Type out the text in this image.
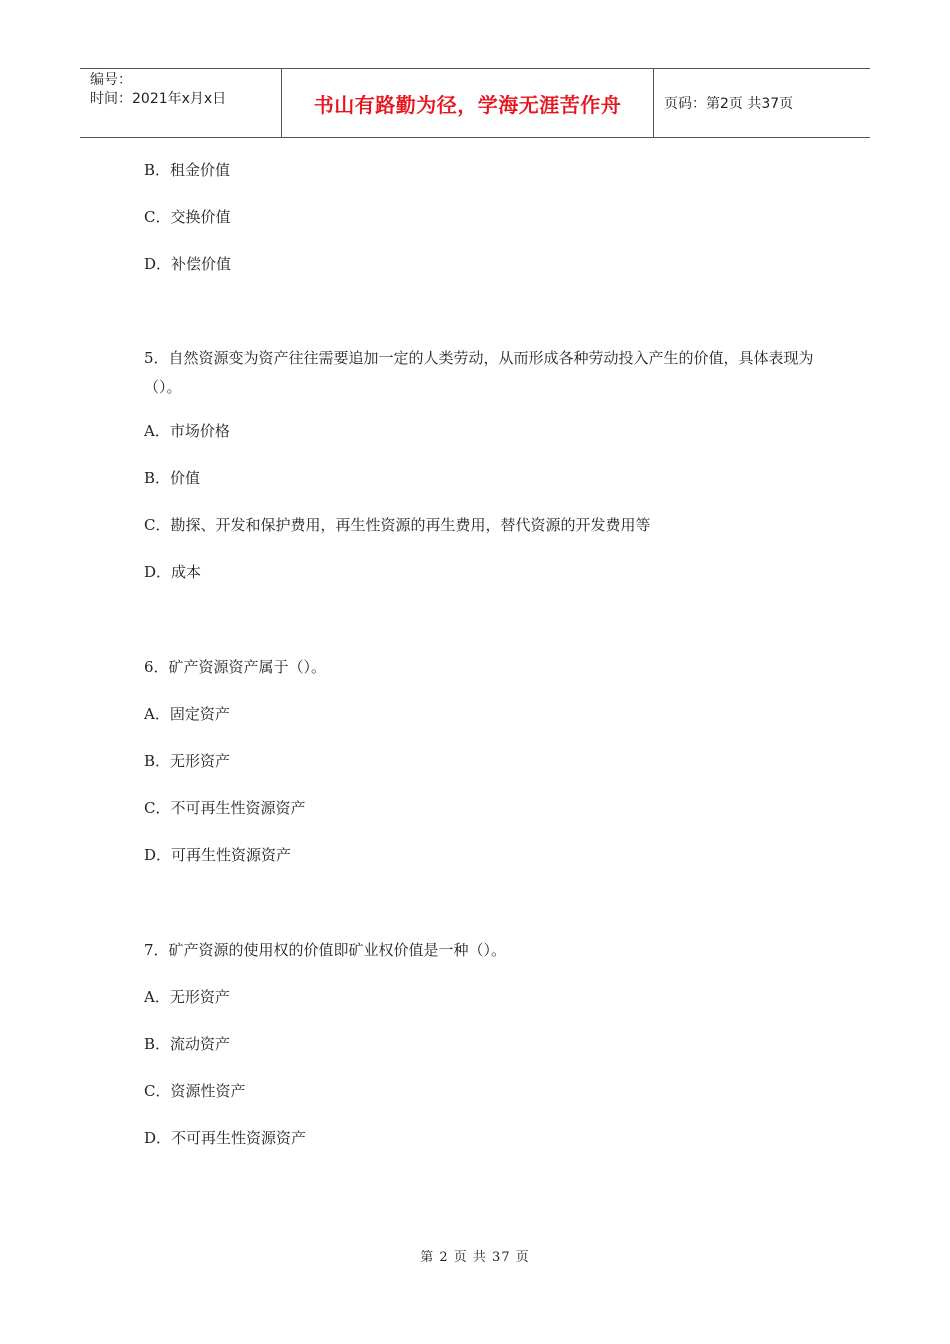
编号：
时间：2021年x月x日	书山有路勤为径，学海无涯苦作舟	页码：第2页 共37页
B．租金价值
C．交换价值
D．补偿价值
5．自然资源变为资产往往需要追加一定的人类劳动，从而形成各种劳动投入产生的价值，具体表现为（）。
A．市场价格
B．价值
C．勘探、开发和保护费用，再生性资源的再生费用，替代资源的开发费用等
D．成本
6．矿产资源资产属于（）。
A．固定资产
B．无形资产
C．不可再生性资源资产
D．可再生性资源资产
7．矿产资源的使用权的价值即矿业权价值是一种（）。
A．无形资产
B．流动资产
C．资源性资产
D．不可再生性资源资产
第 2 页 共 37 页
